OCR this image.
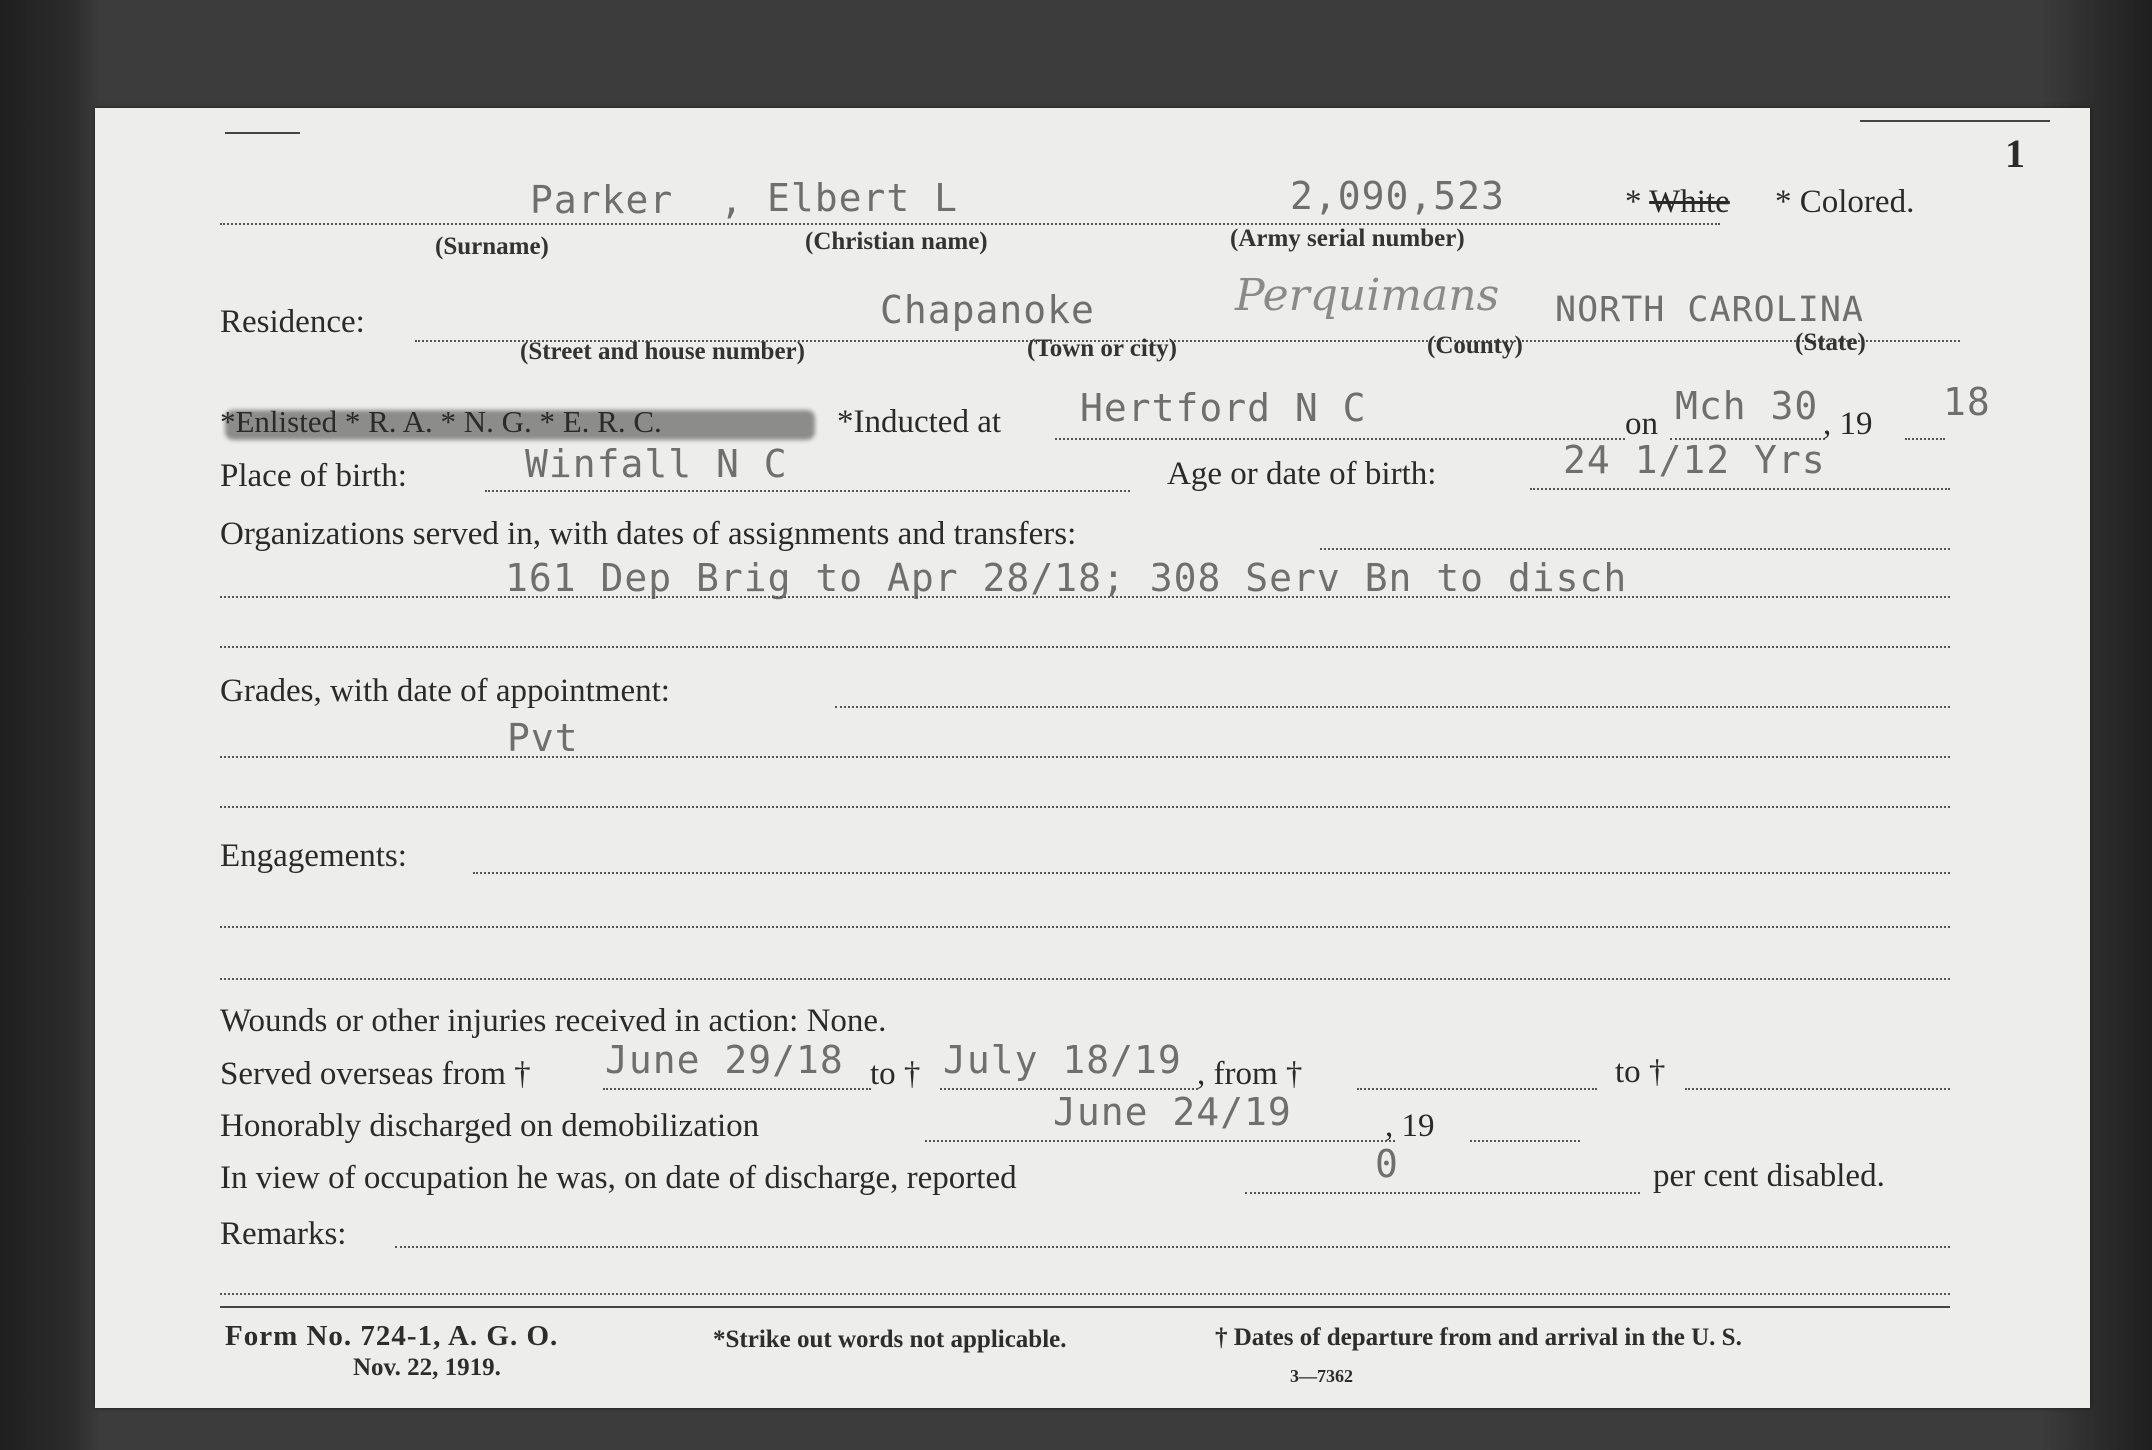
1
Parker , Elbert L	2,090,523	* White * Colored.
(Surname)	(Christian name)	(Army serial number)
Residence:	Chapanoke	Perquimans NORTH CAROLINA
(Street and house number)	(Town or city)	(County)	(State)
*Enlisted * R. A. * N. G. * E. R. C.	*Inducted at Hertford N C	on Mch 30 , 19 18
Place of birth:	Winfall N C	Age or date of birth:	24 1/12 Yrs
Organizations served in, with dates of assignments and transfers:
161 Dep Brig to Apr 28/18; 308 Serv Bn to disch
Grades, with date of appointment:
Pvt
Engagements:
Wounds or other injuries received in action: None.
Served overseas from † June 29/18 to † July 18/19 , from †	to †
Honorably discharged on demobilization	June 24/19	, 19
In view of occupation he was, on date of discharge, reported	0	per cent disabled.
Remarks:
Form No. 724-1, A. G. O.
Nov. 22, 1919.
*Strike out words not applicable.	† Dates of departure from and arrival in the U. S.
3—7362
